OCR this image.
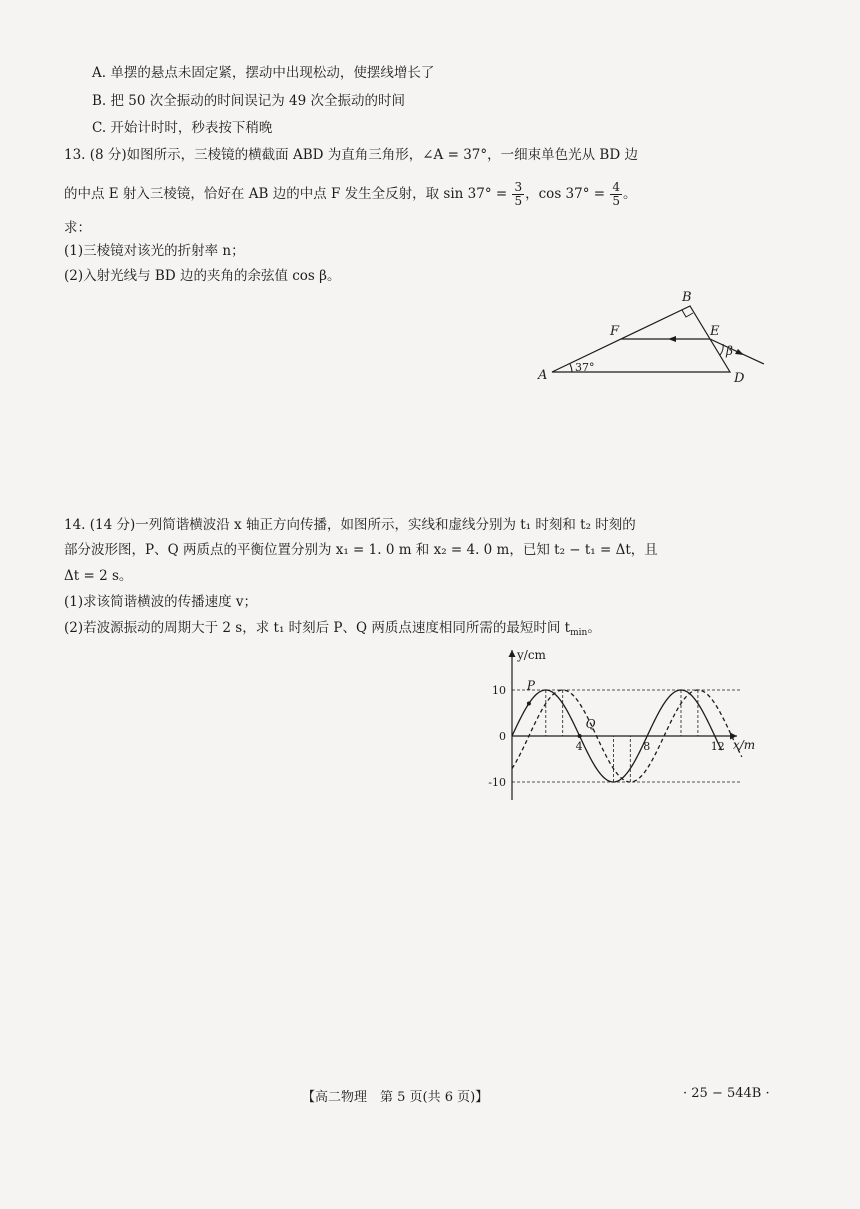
A. 单摆的悬点未固定紧，摆动中出现松动，使摆线增长了
B. 把 50 次全振动的时间误记为 49 次全振动的时间
C. 开始计时时，秒表按下稍晚
13. (8 分)如图所示，三棱镜的横截面 ABD 为直角三角形，∠A = 37°，一细束单色光从 BD 边
的中点 E 射入三棱镜，恰好在 AB 边的中点 F 发生全反射，取 $\sin 37^\circ = \frac{3}{5}$ ，$\cos 37^\circ = \frac{4}{5}$ 。
求：
(1)三棱镜对该光的折射率 n；
(2)入射光线与 BD 边的夹角的余弦值 cos β。
A
B
D
E
F
37°
β
14. (14 分)一列简谐横波沿 x 轴正方向传播，如图所示，实线和虚线分别为 t₁ 时刻和 t₂ 时刻的
部分波形图，P、Q 两质点的平衡位置分别为 x₁ = 1. 0 m 和 x₂ = 4. 0 m，已知 t₂ − t₁ = Δt，且
Δt = 2 s。
(1)求该简谐横波的传播速度 v；
(2)若波源振动的周期大于 2 s，求 t₁ 时刻后 P、Q 两质点速度相同所需的最短时间 $t_{min}$。
y/cm
x/m
P
Q
4	8	12
10
0
-10
【高二物理　第 5 页(共 6 页)】	· 25 − 544B ·
